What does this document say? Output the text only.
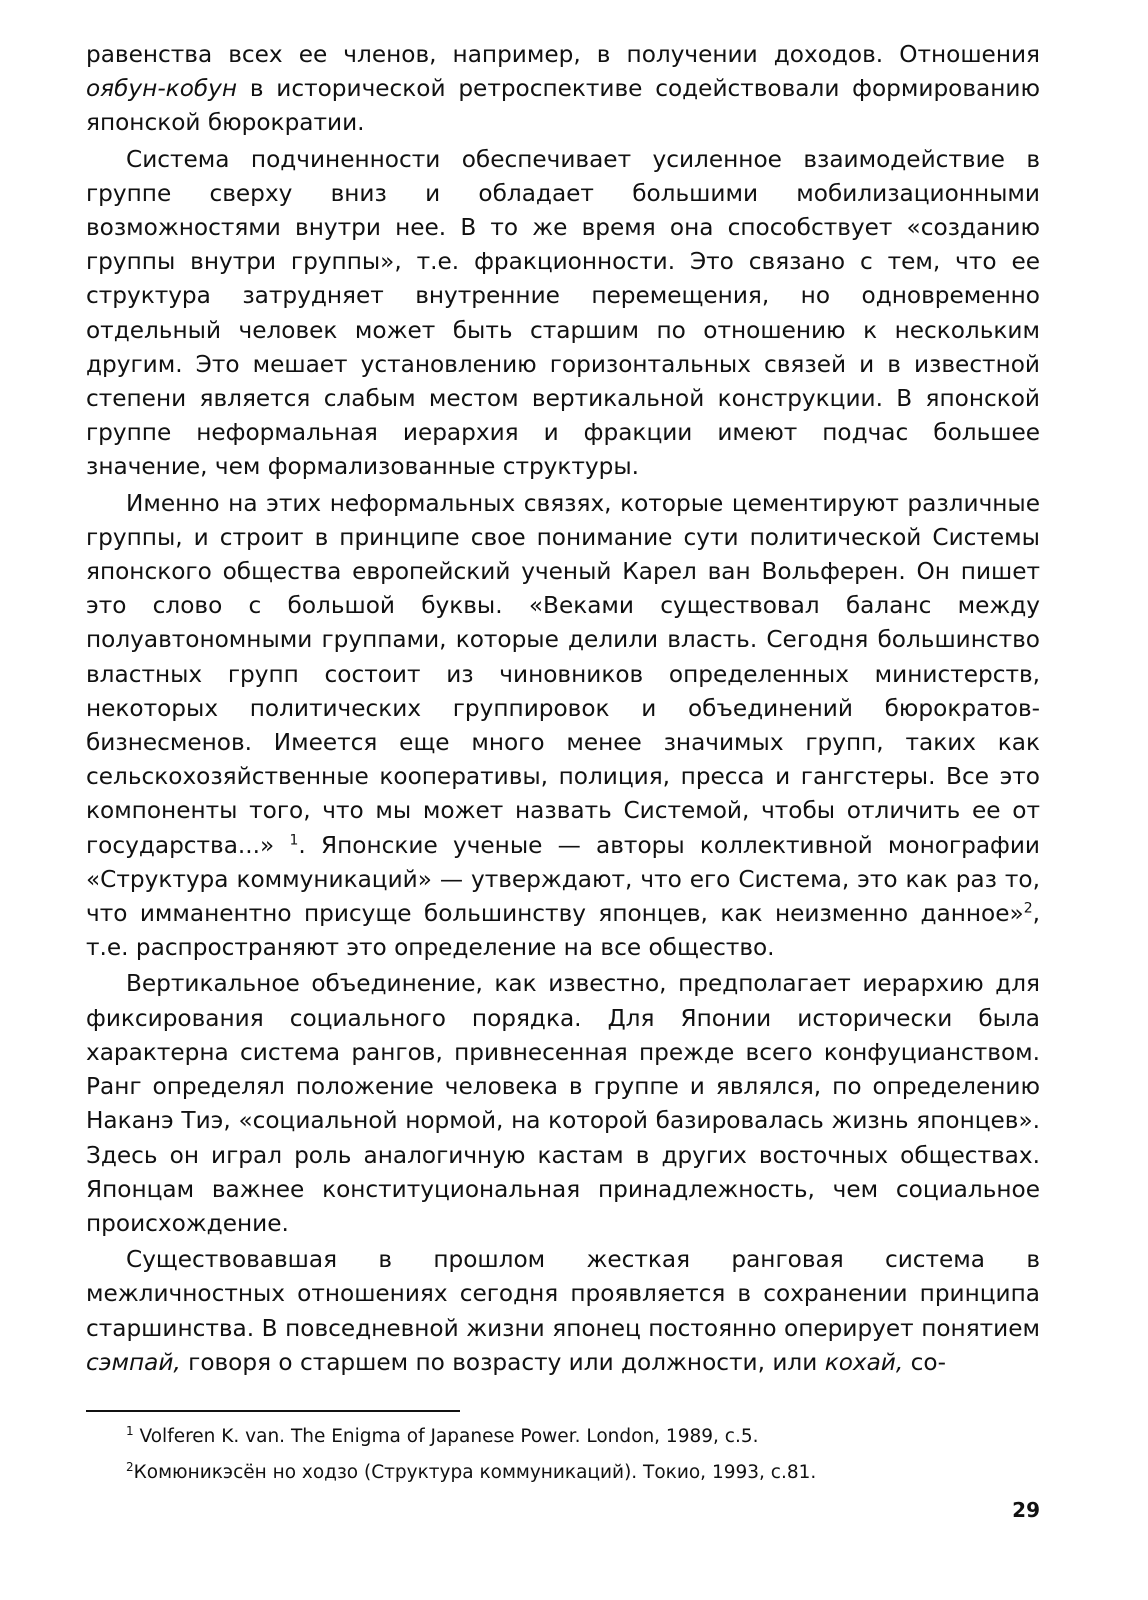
равенства всех ее членов, например, в получении доходов. Отношения оябун-кобун в исторической ретроспективе содействовали формированию японской бюрократии.

Система подчиненности обеспечивает усиленное взаимодействие в группе сверху вниз и обладает большими мобилизационными возможностями внутри нее. В то же время она способствует «созданию группы внутри группы», т.е. фракционности. Это связано с тем, что ее структура затрудняет внутренние перемещения, но одновременно отдельный человек может быть старшим по отношению к нескольким другим. Это мешает установлению горизонтальных связей и в известной степени является слабым местом вертикальной конструкции. В японской группе неформальная иерархия и фракции имеют подчас большее значение, чем формализованные структуры.

Именно на этих неформальных связях, которые цементируют различные группы, и строит в принципе свое понимание сути политической Системы японского общества европейский ученый Карел ван Вольферен. Он пишет это слово с большой буквы. «Веками существовал баланс между полуавтономными группами, которые делили власть. Сегодня большинство властных групп состоит из чиновников определенных министерств, некоторых политических группировок и объединений бюрократов-бизнесменов. Имеется еще много менее значимых групп, таких как сельскохозяйственные кооперативы, полиция, пресса и гангстеры. Все это компоненты того, что мы может назвать Системой, чтобы отличить ее от государства...» $^1$. Японские ученые — авторы коллективной монографии «Структура коммуникаций» — утверждают, что его Система, это как раз то, что имманентно присуще большинству японцев, как неизменно данное»$^2$, т.е. распространяют это определение на все общество.

Вертикальное объединение, как известно, предполагает иерархию для фиксирования социального порядка. Для Японии исторически была характерна система рангов, привнесенная прежде всего конфуцианством. Ранг определял положение человека в группе и являлся, по определению Наканэ Тиэ, «социальной нормой, на которой базировалась жизнь японцев». Здесь он играл роль аналогичную кастам в других восточных обществах. Японцам важнее конституциональная принадлежность, чем социальное происхождение.

Существовавшая в прошлом жесткая ранговая система в межличностных отношениях сегодня проявляется в сохранении принципа старшинства. В повседневной жизни японец постоянно оперирует понятием сэмпай, говоря о старшем по возрасту или должности, или кохай, со-

$^1$ Volferen K. van. The Enigma of Japanese Power. London, 1989, c.5.

$^2$Комюникэсён но ходзо (Структура коммуникаций). Токио, 1993, с.81.

29
